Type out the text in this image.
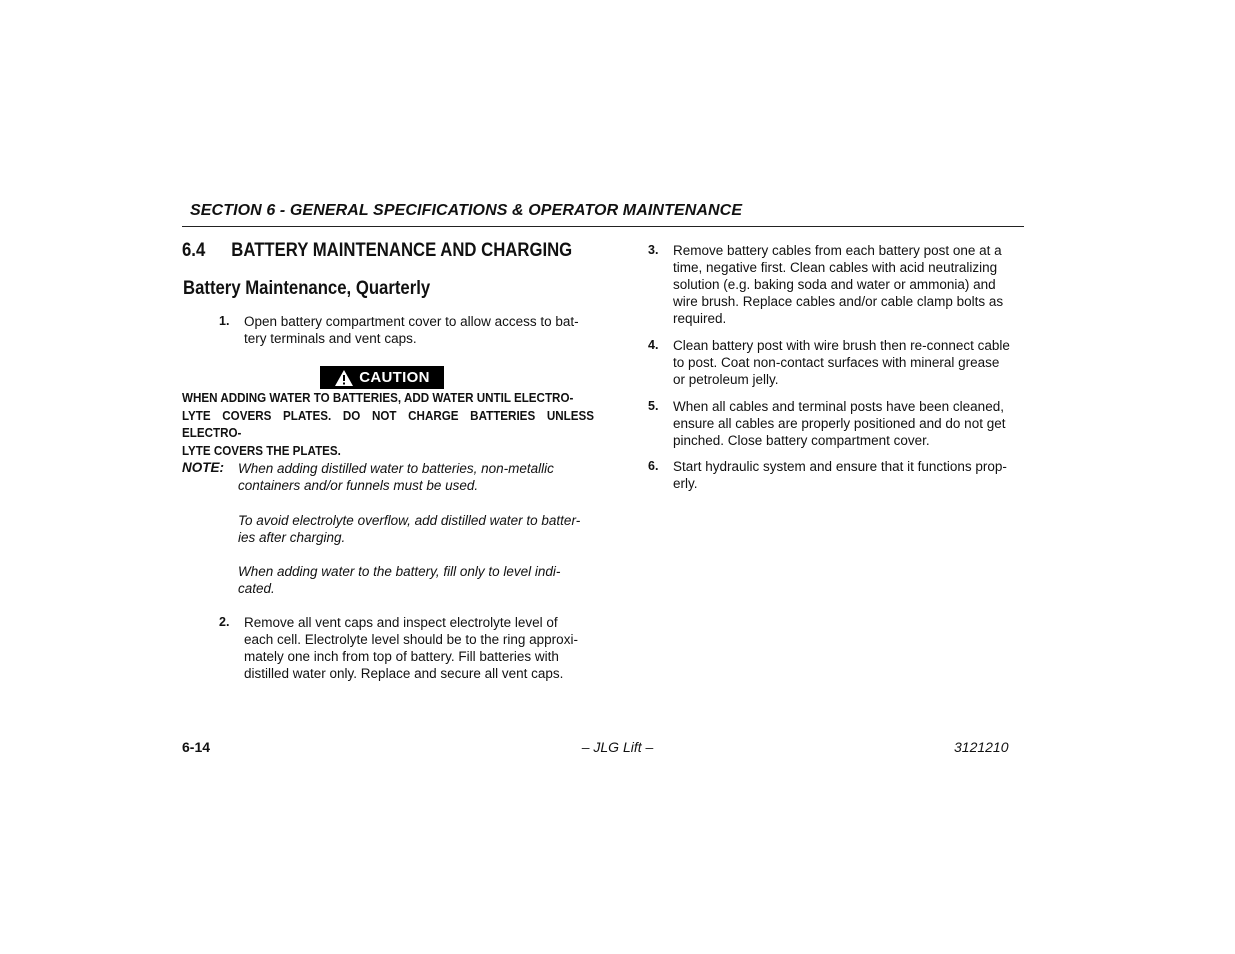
SECTION 6 - GENERAL SPECIFICATIONS & OPERATOR MAINTENANCE
6.4 BATTERY MAINTENANCE AND CHARGING
Battery Maintenance, Quarterly
1. Open battery compartment cover to allow access to bat-
tery terminals and vent caps.
CAUTION
WHEN ADDING WATER TO BATTERIES, ADD WATER UNTIL ELECTRO-
LYTE COVERS PLATES. DO NOT CHARGE BATTERIES UNLESS ELECTRO-
LYTE COVERS THE PLATES.
NOTE: When adding distilled water to batteries, non-metallic
containers and/or funnels must be used.
To avoid electrolyte overflow, add distilled water to batter-
ies after charging.
When adding water to the battery, fill only to level indi-
cated.
2. Remove all vent caps and inspect electrolyte level of
each cell. Electrolyte level should be to the ring approxi-
mately one inch from top of battery. Fill batteries with
distilled water only. Replace and secure all vent caps.
3. Remove battery cables from each battery post one at a
time, negative first. Clean cables with acid neutralizing
solution (e.g. baking soda and water or ammonia) and
wire brush. Replace cables and/or cable clamp bolts as
required.
4. Clean battery post with wire brush then re-connect cable
to post. Coat non-contact surfaces with mineral grease
or petroleum jelly.
5. When all cables and terminal posts have been cleaned,
ensure all cables are properly positioned and do not get
pinched. Close battery compartment cover.
6. Start hydraulic system and ensure that it functions prop-
erly.
6-14	– JLG Lift –	3121210
